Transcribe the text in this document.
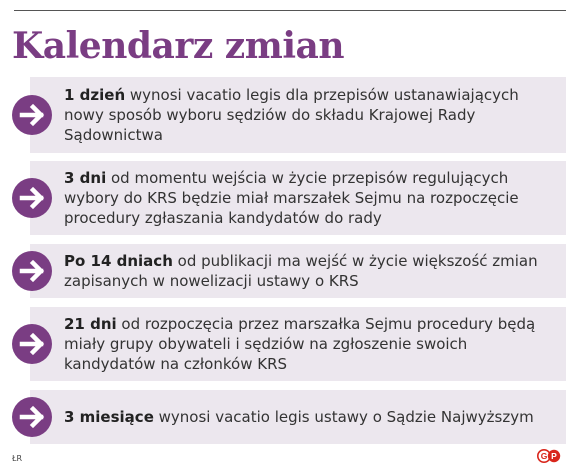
Kalendarz zmian
1 dzień wynosi vacatio legis dla przepisów ustanawiających nowy sposób wyboru sędziów do składu Krajowej Rady Sądownictwa
3 dni od momentu wejścia w życie przepisów regulujących wybory do KRS będzie miał marszałek Sejmu na rozpoczęcie procedury zgłaszania kandydatów do rady
Po 14 dniach od publikacji ma wejść w życie większość zmian zapisanych w nowelizacji ustawy o KRS
21 dni od rozpoczęcia przez marszałka Sejmu procedury będą miały grupy obywateli i sędziów na zgłoszenie swoich kandydatów na członków KRS
3 miesiące wynosi vacatio legis ustawy o Sądzie Najwyższym
ŁR	G P
